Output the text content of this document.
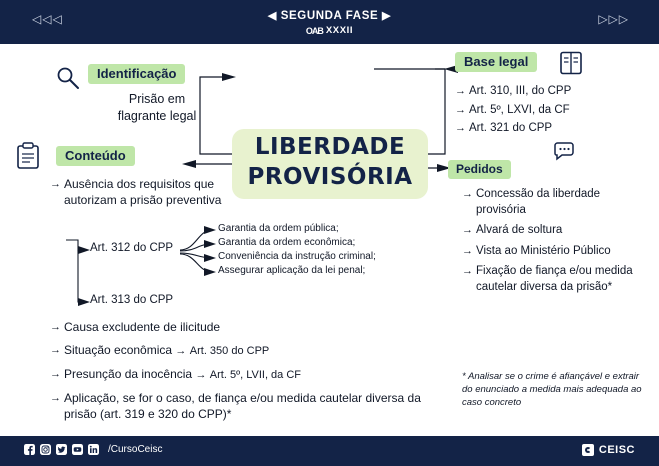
◁◁◁	◀ SEGUNDA FASE ▶
OAB XXXII
▷▷▷
LIBERDADE
PROVISÓRIA
Identificação
Prisão em
flagrante legal
Base legal
→ Art. 310, III, do CPP
→ Art. 5º, LXVI, da CF
→ Art. 321 do CPP
Conteúdo
→ Ausência dos requisitos que autorizam a prisão preventiva
Art. 312 do CPP
Art. 313 do CPP
Garantia da ordem pública;
Garantia da ordem econômica;
Conveniência da instrução criminal;
Assegurar aplicação da lei penal;
→ Causa excludente de ilicitude
→ Situação econômica → Art. 350 do CPP
→ Presunção da inocência → Art. 5º, LVII, da CF
→ Aplicação, se for o caso, de fiança e/ou medida cautelar diversa da prisão (art. 319 e 320 do CPP)*
Pedidos
→ Concessão da liberdade provisória
→ Alvará de soltura
→ Vista ao Ministério Público
→ Fixação de fiança e/ou medida cautelar diversa da prisão*
* Analisar se o crime é afiançável e extrair do enunciado a medida mais adequada ao caso concreto
/CursoCeisc	CEISC
